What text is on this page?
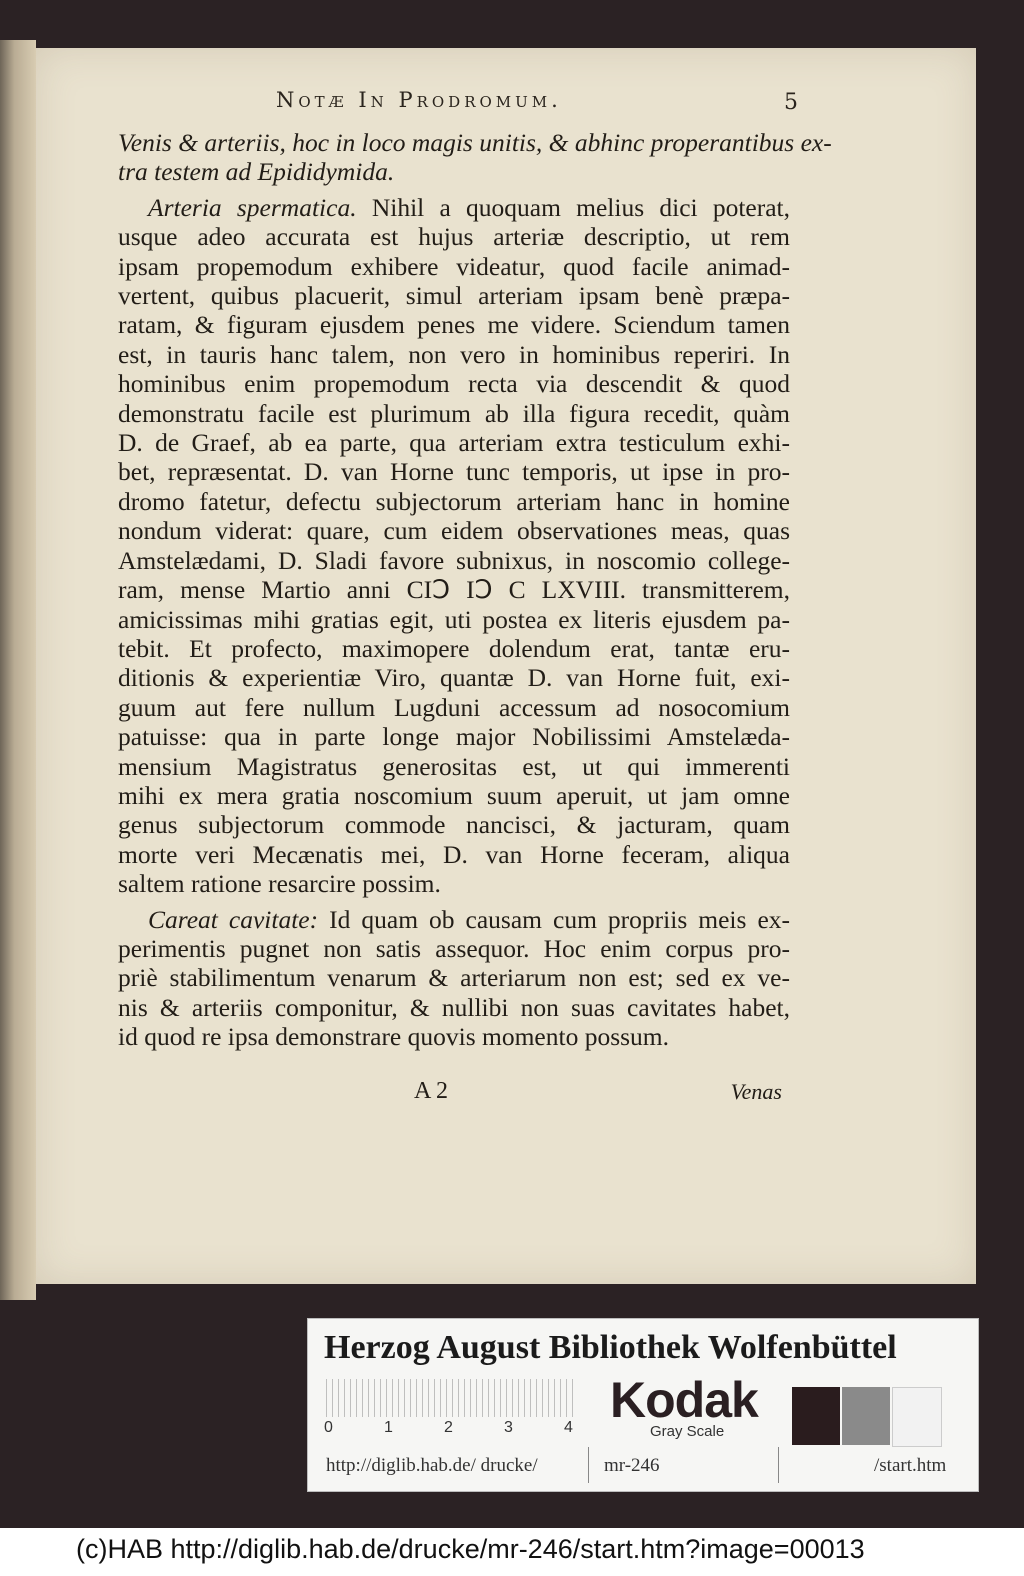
Notæ In Prodromum.	5
Venis & arteriis, hoc in loco magis unitis, & abhinc properantibus ex-
tra testem ad Epididymida.
Arteria spermatica. Nihil a quoquam melius dici poterat,
usque adeo accurata est hujus arteriæ descriptio, ut rem
ipsam propemodum exhibere videatur, quod facile animad-
vertent, quibus placuerit, simul arteriam ipsam benè præpa-
ratam, & figuram ejusdem penes me videre. Sciendum tamen
est, in tauris hanc talem, non vero in hominibus reperiri. In
hominibus enim propemodum recta via descendit & quod
demonstratu facile est plurimum ab illa figura recedit, quàm
D. de Graef, ab ea parte, qua arteriam extra testiculum exhi-
bet, repræsentat. D. van Horne tunc temporis, ut ipse in pro-
dromo fatetur, defectu subjectorum arteriam hanc in homine
nondum viderat: quare, cum eidem observationes meas, quas
Amstelædami, D. Sladi favore subnixus, in noscomio college-
ram, mense Martio anni CIↃ IↃ C LXVIII. transmitterem,
amicissimas mihi gratias egit, uti postea ex literis ejusdem pa-
tebit. Et profecto, maximopere dolendum erat, tantæ eru-
ditionis & experientiæ Viro, quantæ D. van Horne fuit, exi-
guum aut fere nullum Lugduni accessum ad nosocomium
patuisse: qua in parte longe major Nobilissimi Amstelæda-
mensium Magistratus generositas est, ut qui immerenti
mihi ex mera gratia noscomium suum aperuit, ut jam omne
genus subjectorum commode nancisci, & jacturam, quam
morte veri Mecænatis mei, D. van Horne feceram, aliqua
saltem ratione resarcire possim.
Careat cavitate: Id quam ob causam cum propriis meis ex-
perimentis pugnet non satis assequor. Hoc enim corpus pro-
priè stabilimentum venarum & arteriarum non est; sed ex ve-
nis & arteriis componitur, & nullibi non suas cavitates habet,
id quod re ipsa demonstrare quovis momento possum.
A 2	Venas
Herzog August Bibliothek Wolfenbüttel
0	1	2	3	4 Kodak
Gray Scale
http://diglib.hab.de/ drucke/	mr-246	/start.htm
(c)HAB http://diglib.hab.de/drucke/mr-246/start.htm?image=00013
